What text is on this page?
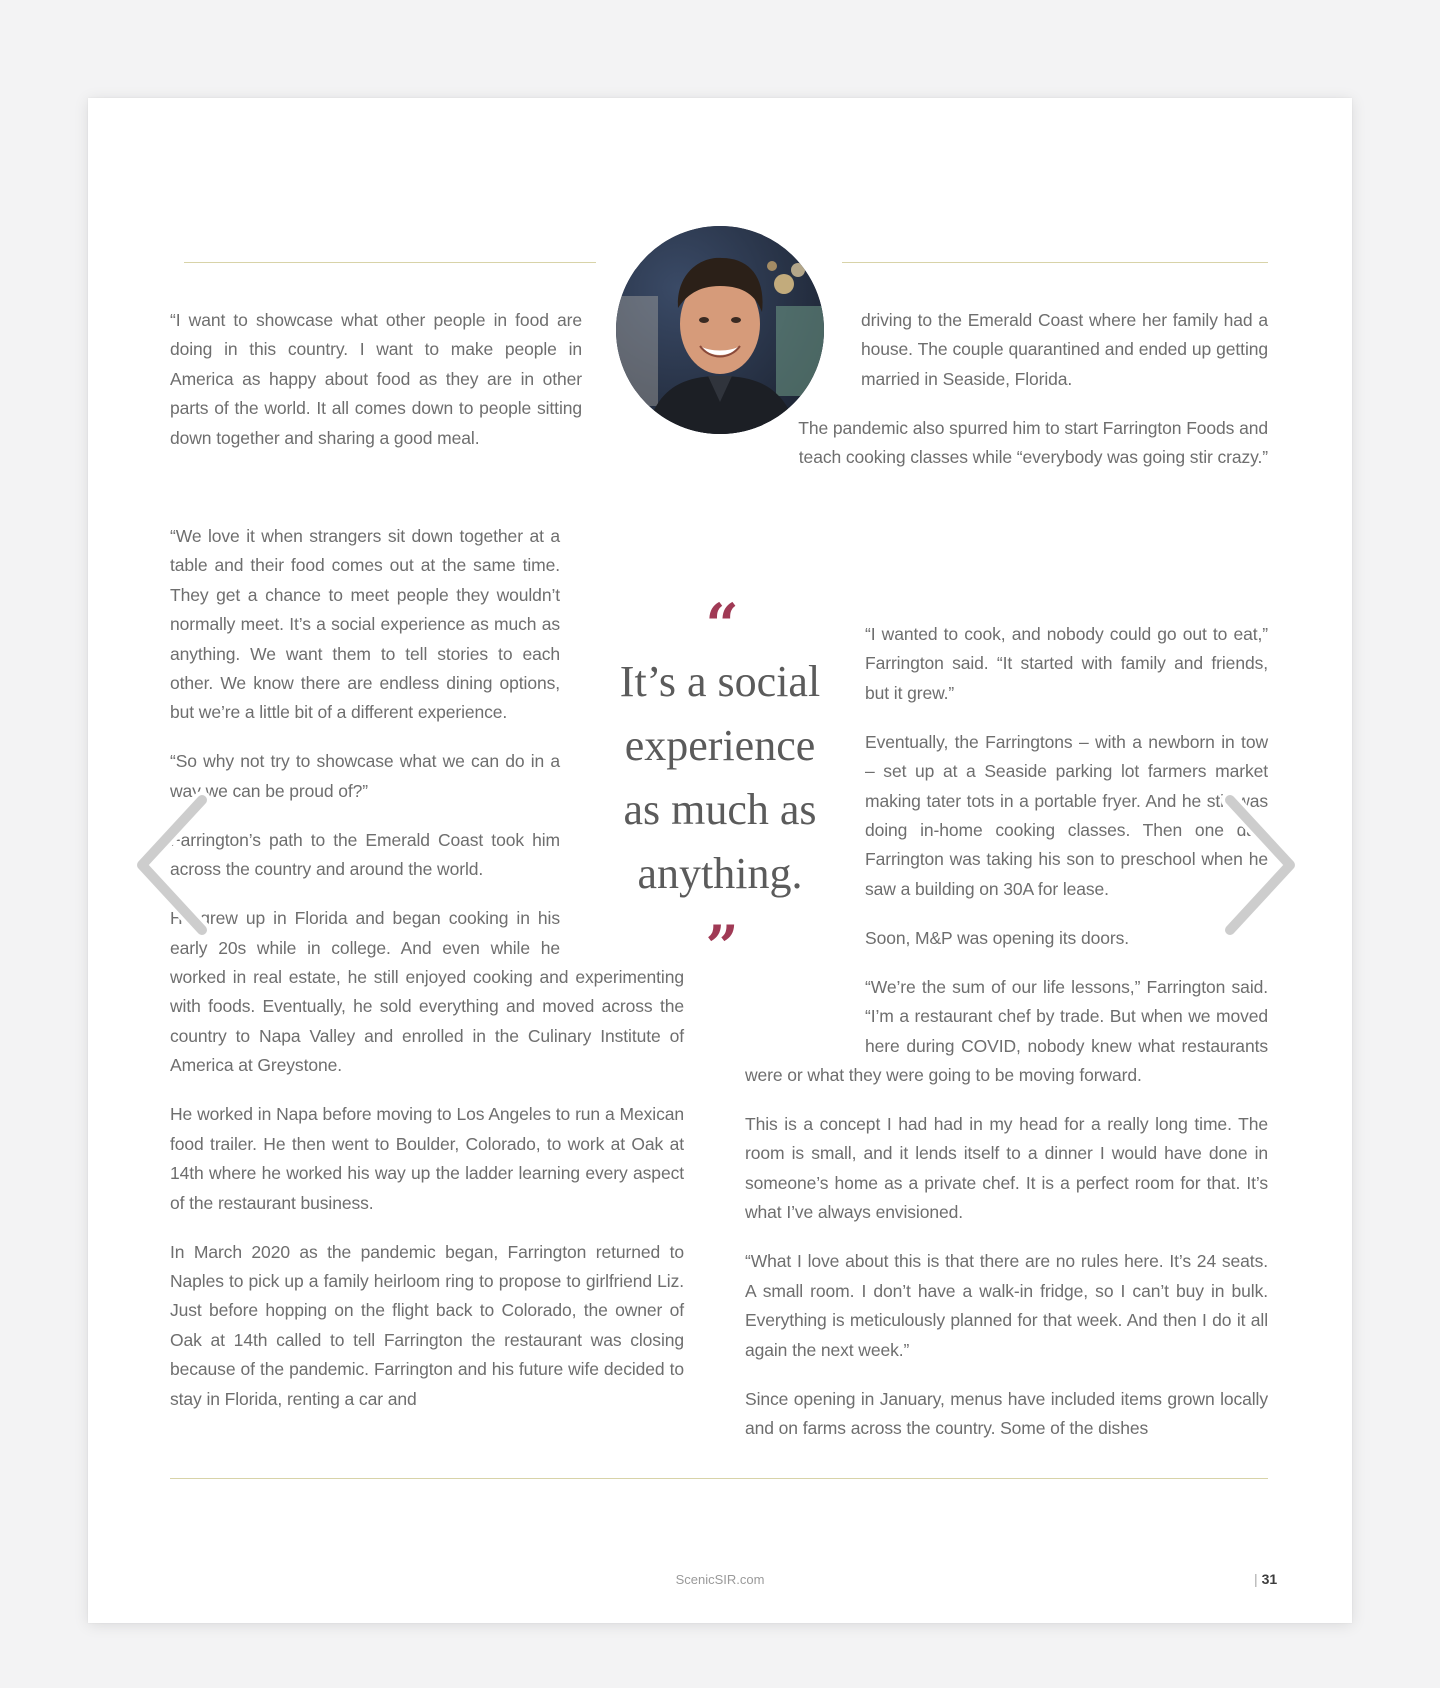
“I want to showcase what other people in food are doing in this country. I want to make people in America as happy about food as they are in other parts of the world. It all comes down to people sitting down together and sharing a good meal.

“We love it when strangers sit down together at a table and their food comes out at the same time. They get a chance to meet people they wouldn’t normally meet. It’s a social experience as much as anything. We want them to tell stories to each other. We know there are endless dining options, but we’re a little bit of a different experience.

“So why not try to showcase what we can do in a way we can be proud of?”

Farrington’s path to the Emerald Coast took him across the country and around the world.

He grew up in Florida and began cooking in his early 20s while in college. And even while he worked in real estate, he still enjoyed cooking and experimenting with foods. Eventually, he sold everything and moved across the country to Napa Valley and enrolled in the Culinary Institute of America at Greystone.

He worked in Napa before moving to Los Angeles to run a Mexican food trailer. He then went to Boulder, Colorado, to work at Oak at 14th where he worked his way up the ladder learning every aspect of the restaurant business.

In March 2020 as the pandemic began, Farrington returned to Naples to pick up a family heirloom ring to propose to girlfriend Liz. Just before hopping on the flight back to Colorado, the owner of Oak at 14th called to tell Farrington the restaurant was closing because of the pandemic. Farrington and his future wife decided to stay in Florida, renting a car and

driving to the Emerald Coast where her family had a house. The couple quarantined and ended up getting married in Seaside, Florida.

The pandemic also spurred him to start Farrington Foods and teach cooking classes while “everybody was going stir crazy.”

“
It’s a social experience as much as anything.
”
ScenicSIR.com	| 31

“I wanted to cook, and nobody could go out to eat,” Farrington said. “It started with family and friends, but it grew.”

Eventually, the Farringtons – with a newborn in tow – set up at a Seaside parking lot farmers market making tater tots in a portable fryer. And he still was doing in-home cooking classes. Then one day, Farrington was taking his son to preschool when he saw a building on 30A for lease.

Soon, M&P was opening its doors.

“We’re the sum of our life lessons,” Farrington said. “I’m a restaurant chef by trade. But when we moved here during COVID, nobody knew what restaurants were or what they were going to be moving forward.

This is a concept I had had in my head for a really long time. The room is small, and it lends itself to a dinner I would have done in someone’s home as a private chef. It is a perfect room for that. It’s what I’ve always envisioned.

“What I love about this is that there are no rules here. It’s 24 seats. A small room. I don’t have a walk-in fridge, so I can’t buy in bulk. Everything is meticulously planned for that week. And then I do it all again the next week.”

Since opening in January, menus have included items grown locally and on farms across the country. Some of the dishes
